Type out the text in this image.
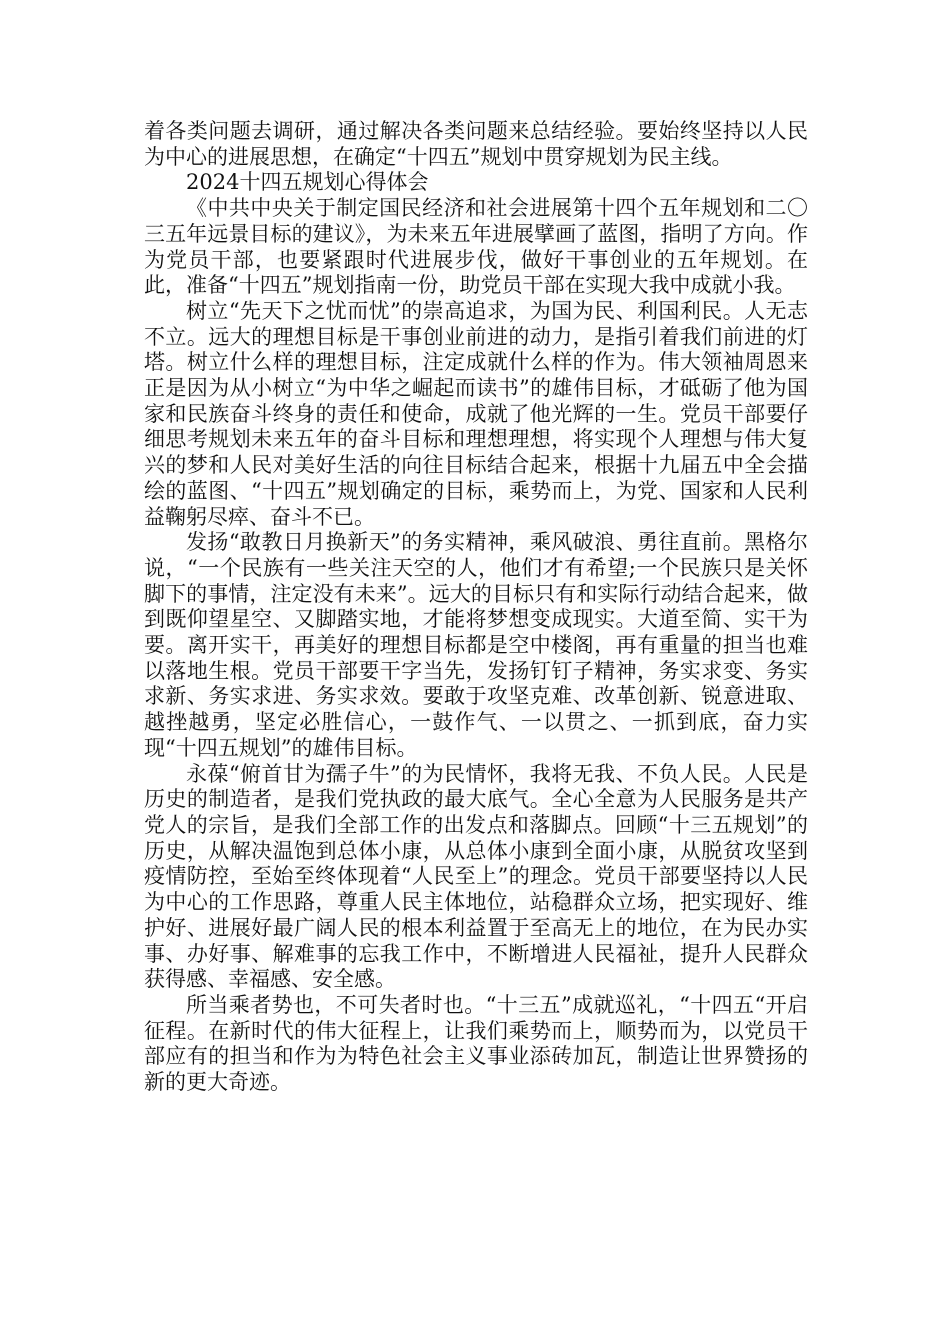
着各类问题去调研，通过解决各类问题来总结经验。要始终坚持以人民为中心的进展思想，在确定“十四五”规划中贯穿规划为民主线。

2024十四五规划心得体会

《中共中央关于制定国民经济和社会进展第十四个五年规划和二〇三五年远景目标的建议》，为未来五年进展擘画了蓝图，指明了方向。作为党员干部，也要紧跟时代进展步伐，做好干事创业的五年规划。在此，准备“十四五”规划指南一份，助党员干部在实现大我中成就小我。

树立“先天下之忧而忧”的崇高追求，为国为民、利国利民。人无志不立。远大的理想目标是干事创业前进的动力，是指引着我们前进的灯塔。树立什么样的理想目标，注定成就什么样的作为。伟大领袖周恩来正是因为从小树立“为中华之崛起而读书”的雄伟目标，才砥砺了他为国家和民族奋斗终身的责任和使命，成就了他光辉的一生。党员干部要仔细思考规划未来五年的奋斗目标和理想理想，将实现个人理想与伟大复兴的梦和人民对美好生活的向往目标结合起来，根据十九届五中全会描绘的蓝图、“十四五”规划确定的目标，乘势而上，为党、国家和人民利益鞠躬尽瘁、奋斗不已。

发扬“敢教日月换新天”的务实精神，乘风破浪、勇往直前。黑格尔说，“一个民族有一些关注天空的人，他们才有希望;一个民族只是关怀脚下的事情，注定没有未来”。远大的目标只有和实际行动结合起来，做到既仰望星空、又脚踏实地，才能将梦想变成现实。大道至简、实干为要。离开实干，再美好的理想目标都是空中楼阁，再有重量的担当也难以落地生根。党员干部要干字当先，发扬钉钉子精神，务实求变、务实求新、务实求进、务实求效。要敢于攻坚克难、改革创新、锐意进取、越挫越勇，坚定必胜信心，一鼓作气、一以贯之、一抓到底，奋力实现“十四五规划”的雄伟目标。

永葆“俯首甘为孺子牛”的为民情怀，我将无我、不负人民。人民是历史的制造者，是我们党执政的最大底气。全心全意为人民服务是共产党人的宗旨，是我们全部工作的出发点和落脚点。回顾“十三五规划”的历史，从解决温饱到总体小康，从总体小康到全面小康，从脱贫攻坚到疫情防控，至始至终体现着“人民至上”的理念。党员干部要坚持以人民为中心的工作思路，尊重人民主体地位，站稳群众立场，把实现好、维护好、进展好最广阔人民的根本利益置于至高无上的地位，在为民办实事、办好事、解难事的忘我工作中，不断增进人民福祉，提升人民群众获得感、幸福感、安全感。

所当乘者势也，不可失者时也。“十三五”成就巡礼，“十四五“开启征程。在新时代的伟大征程上，让我们乘势而上，顺势而为，以党员干部应有的担当和作为为特色社会主义事业添砖加瓦，制造让世界赞扬的新的更大奇迹。
